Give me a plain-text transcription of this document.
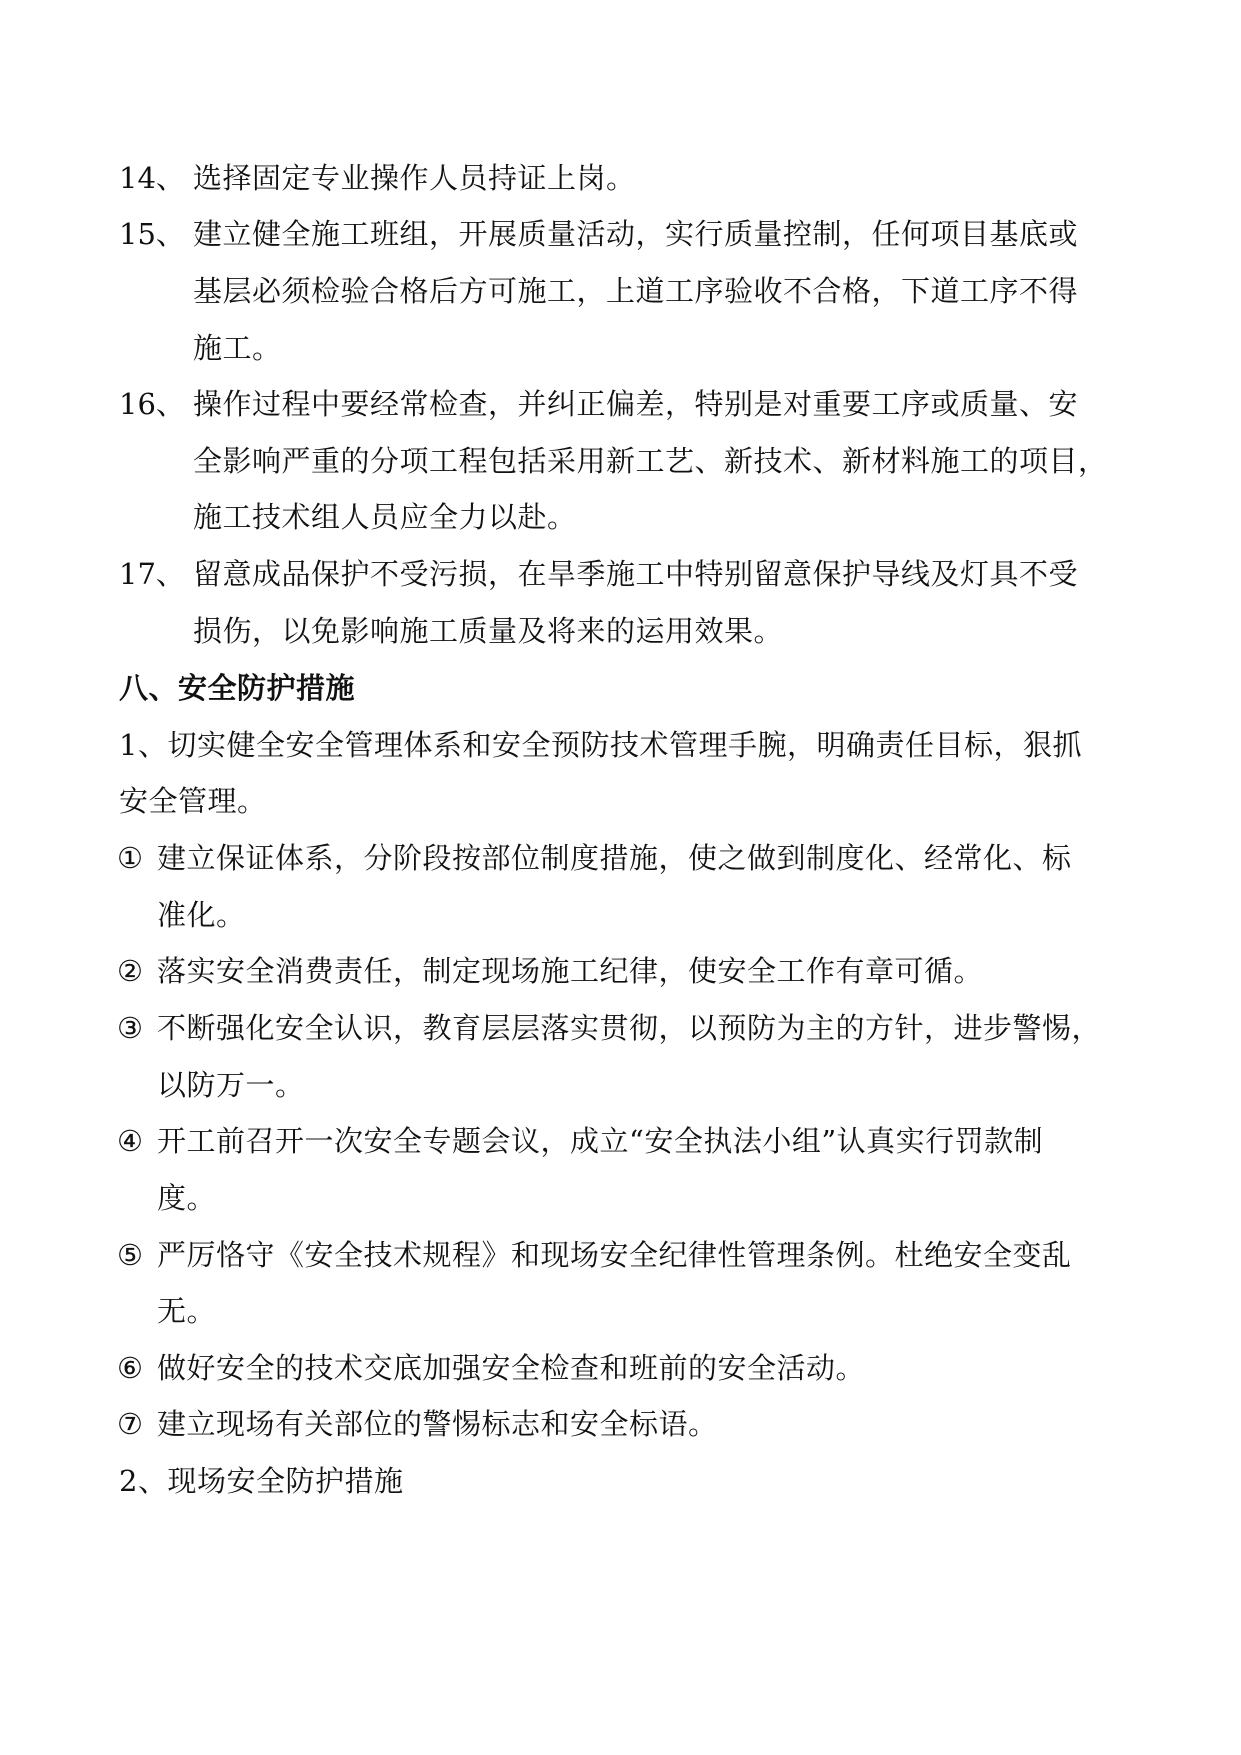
14、 选择固定专业操作人员持证上岗。
15、 建立健全施工班组，开展质量活动，实行质量控制，任何项目基底或
基层必须检验合格后方可施工，上道工序验收不合格，下道工序不得
施工。
16、 操作过程中要经常检查，并纠正偏差，特别是对重要工序或质量、安
全影响严重的分项工程包括采用新工艺、新技术、新材料施工的项目，
施工技术组人员应全力以赴。
17、 留意成品保护不受污损，在旱季施工中特别留意保护导线及灯具不受
损伤，以免影响施工质量及将来的运用效果。
八、安全防护措施
1、切实健全安全管理体系和安全预防技术管理手腕，明确责任目标，狠抓
安全管理。
① 建立保证体系，分阶段按部位制度措施，使之做到制度化、经常化、标
准化。
② 落实安全消费责任，制定现场施工纪律，使安全工作有章可循。
③ 不断强化安全认识，教育层层落实贯彻，以预防为主的方针，进步警惕，
以防万一。
④ 开工前召开一次安全专题会议，成立“安全执法小组”认真实行罚款制
度。
⑤ 严厉恪守《安全技术规程》和现场安全纪律性管理条例。杜绝安全变乱
无。
⑥ 做好安全的技术交底加强安全检查和班前的安全活动。
⑦ 建立现场有关部位的警惕标志和安全标语。
2、现场安全防护措施
